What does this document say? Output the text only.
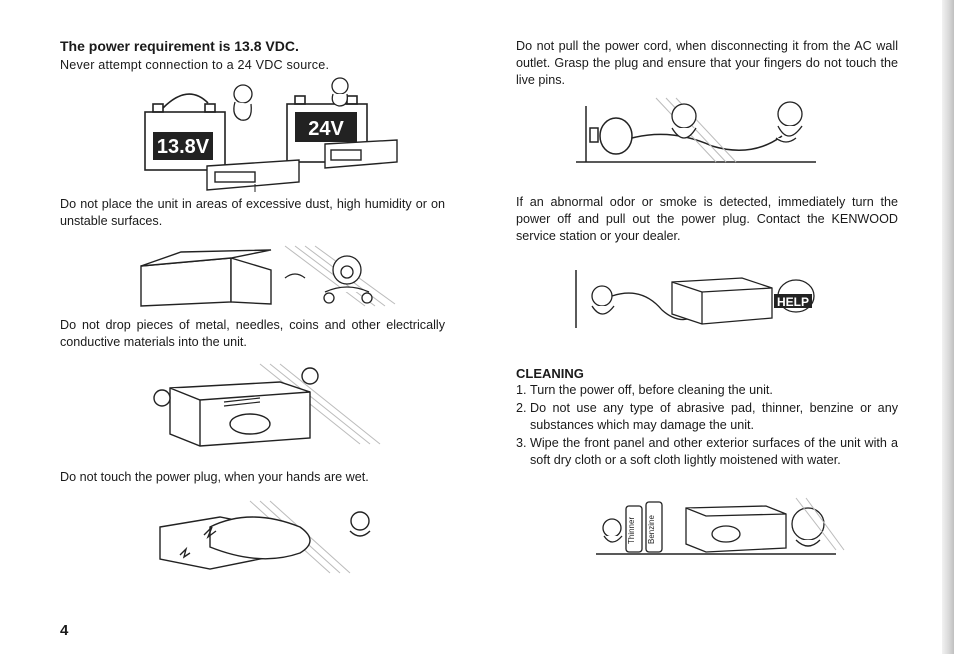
The power requirement is 13.8 VDC.

Never attempt connection to a 24 VDC source.

13.8V
24V

Do not place the unit in areas of excessive dust, high humidity or on unstable surfaces.

Do not drop pieces of metal, needles, coins and other electrically conductive materials into the unit.

Do not touch the power plug, when your hands are wet.

Do not pull the power cord, when disconnecting it from the AC wall outlet. Grasp the plug and ensure that your fingers do not touch the live pins.

If an abnormal odor or smoke is detected, immediately turn the power off and pull out the power plug. Contact the KENWOOD service station or your dealer.

HELP
CLEANING
1. Turn the power off, before cleaning the unit.
2. Do not use any type of abrasive pad, thinner, benzine or any substances which may damage the unit.
3. Wipe the front panel and other exterior surfaces of the unit with a soft dry cloth or a soft cloth lightly moistened with water.
Thinner Benzine
4
